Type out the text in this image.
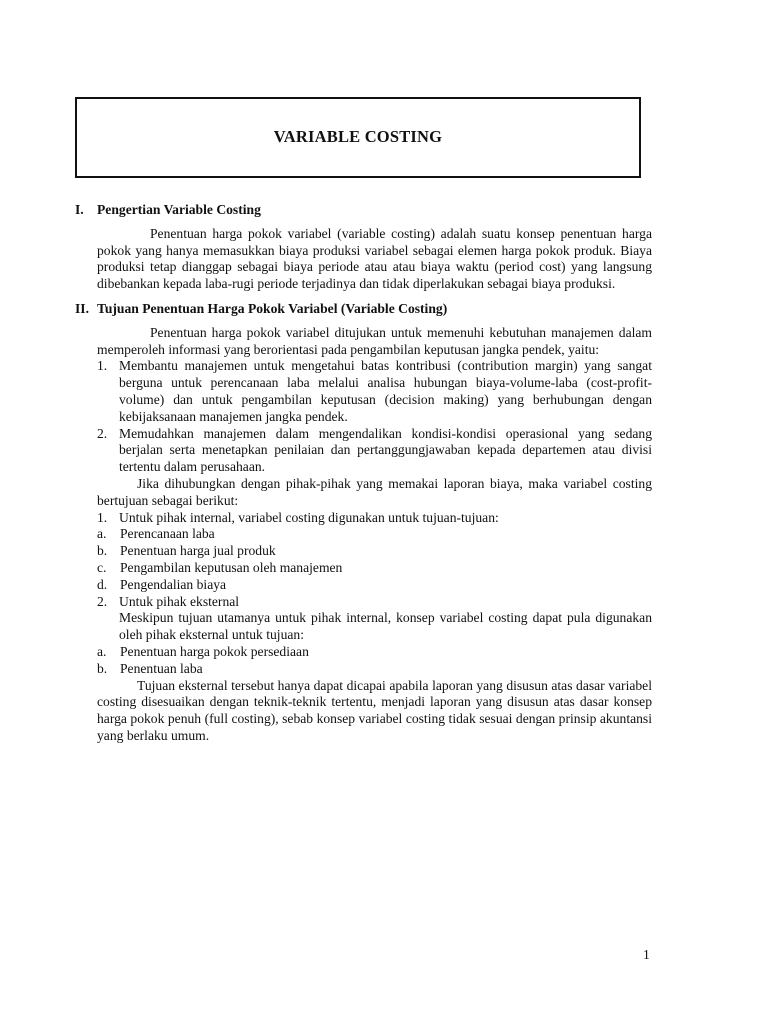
VARIABLE COSTING
I. Pengertian Variable Costing

Penentuan harga pokok variabel (variable costing) adalah suatu konsep penentuan harga pokok yang hanya memasukkan biaya produksi variabel sebagai elemen harga pokok produk. Biaya produksi tetap dianggap sebagai biaya periode atau atau biaya waktu (period cost) yang langsung dibebankan kepada laba-rugi periode terjadinya dan tidak diperlakukan sebagai biaya produksi.

II. Tujuan Penentuan Harga Pokok Variabel (Variable Costing)

Penentuan harga pokok variabel ditujukan untuk memenuhi kebutuhan manajemen dalam memperoleh informasi yang berorientasi pada pengambilan keputusan jangka pendek, yaitu:

1. Membantu manajemen untuk mengetahui batas kontribusi (contribution margin) yang sangat berguna untuk perencanaan laba melalui analisa hubungan biaya-volume-laba (cost-profit-volume) dan untuk pengambilan keputusan (decision making) yang berhubungan dengan kebijaksanaan manajemen jangka pendek.
2. Memudahkan manajemen dalam mengendalikan kondisi-kondisi operasional yang sedang berjalan serta menetapkan penilaian dan pertanggungjawaban kepada departemen atau divisi tertentu dalam perusahaan.

Jika dihubungkan dengan pihak-pihak yang memakai laporan biaya, maka variabel costing bertujuan sebagai berikut:

1. Untuk pihak internal, variabel costing digunakan untuk tujuan-tujuan:
a. Perencanaan laba
b. Penentuan harga jual produk
c. Pengambilan keputusan oleh manajemen
d. Pengendalian biaya
2. Untuk pihak eksternal
Meskipun tujuan utamanya untuk pihak internal, konsep variabel costing dapat pula digunakan oleh pihak eksternal untuk tujuan:
a. Penentuan harga pokok persediaan
b. Penentuan laba

Tujuan eksternal tersebut hanya dapat dicapai apabila laporan yang disusun atas dasar variabel costing disesuaikan dengan teknik-teknik tertentu, menjadi laporan yang disusun atas dasar konsep harga pokok penuh (full costing), sebab konsep variabel costing tidak sesuai dengan prinsip akuntansi yang berlaku umum.

1
